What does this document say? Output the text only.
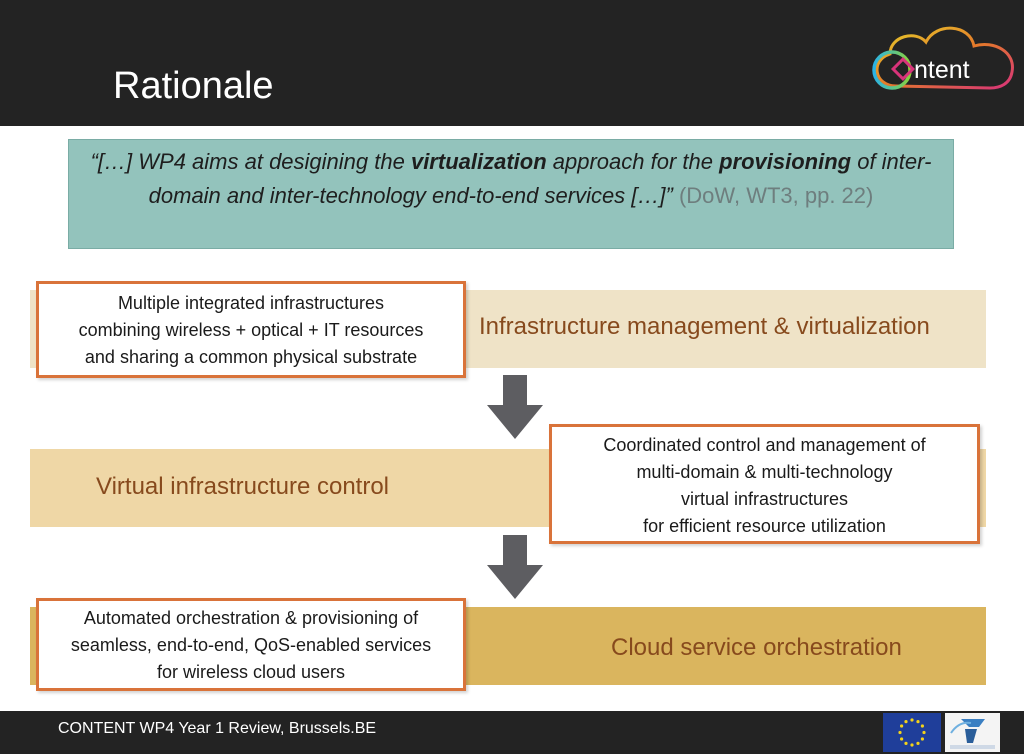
Rationale	ntent
“[…] WP4 aims at desigining the virtualization approach for the provisioning of inter-domain and inter-technology end-to-end services […]” (DoW, WT3, pp. 22)
Infrastructure management & virtualization
Virtual infrastructure control
Cloud service orchestration
Multiple integrated infrastructures
combining wireless + optical + IT resources
and sharing a common physical substrate
Coordinated control and management of
multi-domain & multi-technology
virtual infrastructures
for efficient resource utilization
Automated orchestration & provisioning of
seamless, end-to-end, QoS-enabled services
for wireless cloud users
CONTENT WP4 Year 1 Review, Brussels.BE
